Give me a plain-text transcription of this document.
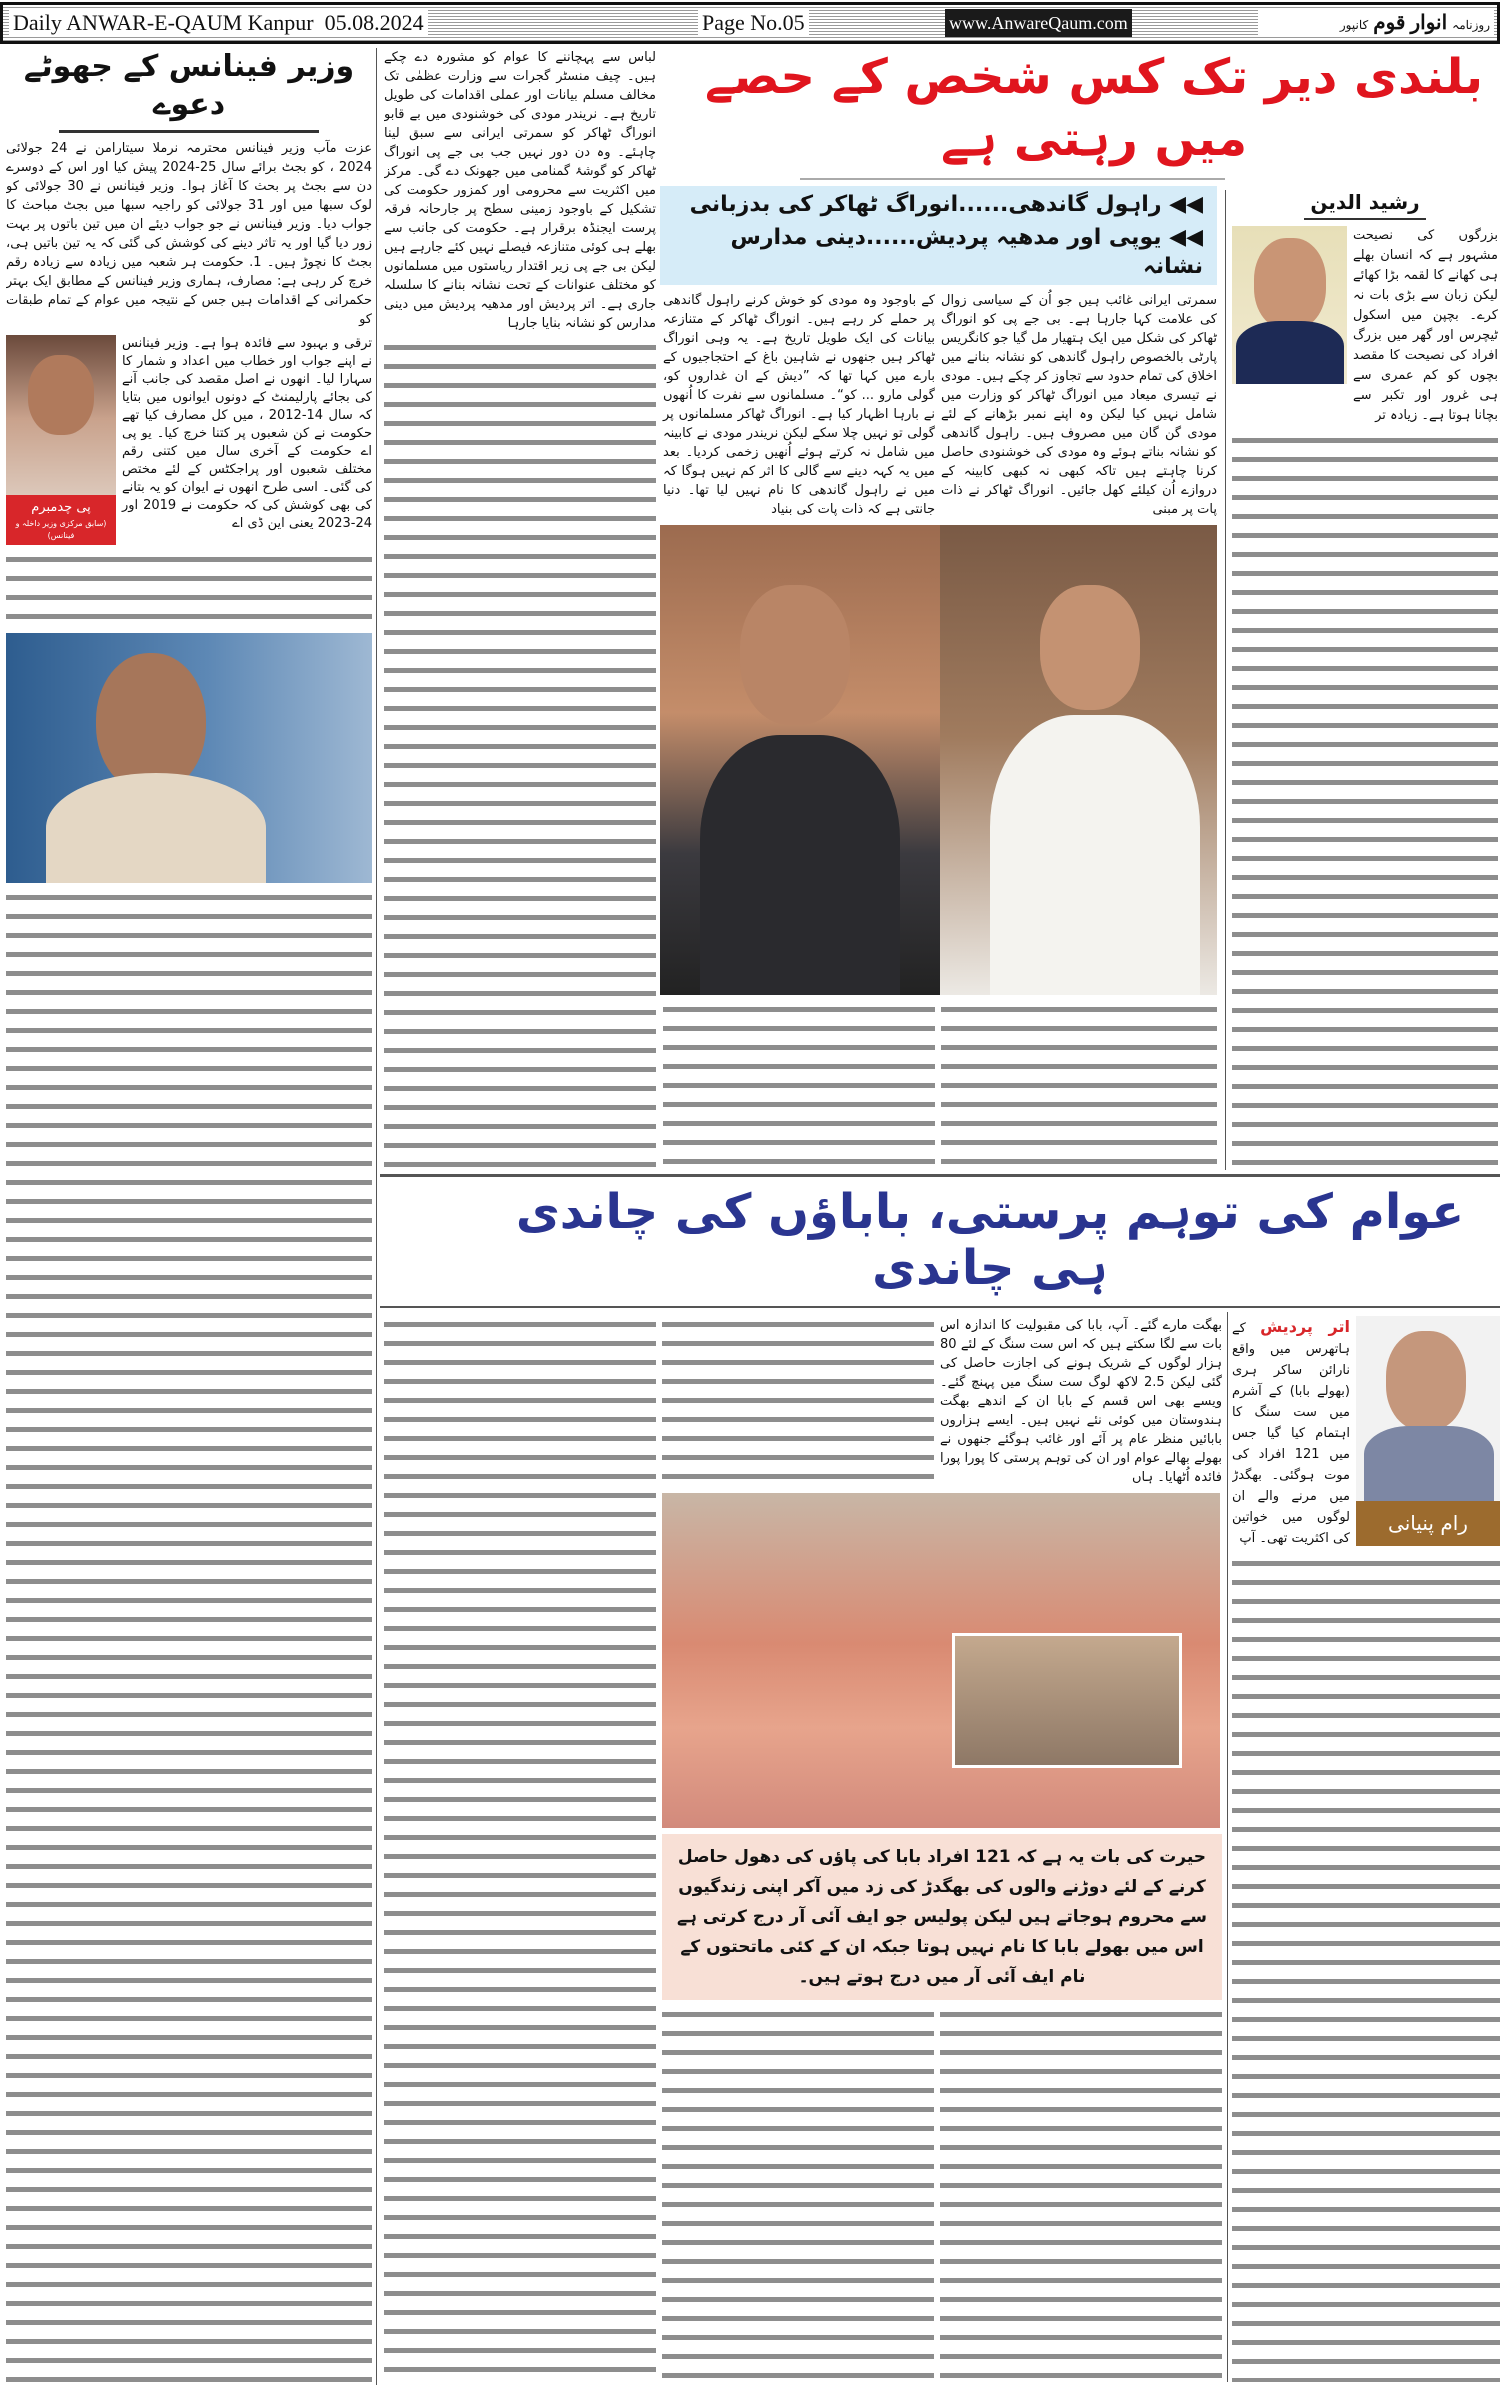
Daily ANWAR-E-QAUM Kanpur 05.08.2024	Page No.05	www.AnwareQaum.com	روزنامہ انوار قوم کانپور
وزیر فینانس کے جھوٹے دعوے
عزت مآب وزیر فینانس محترمہ نرملا سیتارامن نے 24 جولائی 2024 ، کو بجٹ برائے سال 25-2024 پیش کیا اور اس کے دوسرے دن سے بجٹ پر بحث کا آغاز ہوا۔ وزیر فینانس نے 30 جولائی کو لوک سبھا میں اور 31 جولائی کو راجیہ سبھا میں بجٹ مباحث کا جواب دیا۔ وزیر فینانس نے جو جواب دیئے ان میں تین باتوں پر بہت زور دیا گیا اور یہ تاثر دینے کی کوشش کی گئی کہ یہ تین باتیں ہی، بجٹ کا نچوڑ ہیں۔ 1. حکومت ہر شعبہ میں زیادہ سے زیادہ رقم خرچ کر رہی ہے: مصارف، ہماری وزیر فینانس کے مطابق ایک بہتر حکمرانی کے اقدامات ہیں جس کے نتیجہ میں عوام کے تمام طبقات کو
پی چدمبرم
(سابق مرکزی وزیر داخلہ و فینانس)
ترقی و بہبود سے فائدہ ہوا ہے۔ وزیر فینانس نے اپنے جواب اور خطاب میں اعداد و شمار کا سہارا لیا۔ انھوں نے اصل مقصد کی جانب آنے کی بجائے پارلیمنٹ کے دونوں ایوانوں میں بتایا کہ سال 14-2012 ، میں کل مصارف کیا تھے حکومت نے کن شعبوں پر کتنا خرچ کیا۔ یو پی اے حکومت کے آخری سال میں کتنی رقم مختلف شعبوں اور پراجکٹس کے لئے مختص کی گئی۔ اسی طرح انھوں نے ایوان کو یہ بتانے کی بھی کوشش کی کہ حکومت نے 2019 اور 24-2023 یعنی این ڈی اے
بلندی دیر تک کس شخص کے حصے میں رہتی ہے
لباس سے پہچاننے کا عوام کو مشورہ دے چکے ہیں۔ چیف منسٹر گجرات سے وزارت عظمٰی تک مخالف مسلم بیانات اور عملی اقدامات کی طویل تاریخ ہے۔ نریندر مودی کی خوشنودی میں بے قابو انوراگ ٹھاکر کو سمرتی ایرانی سے سبق لینا چاہئے۔ وہ دن دور نہیں جب بی جے پی انوراگ ٹھاکر کو گوشۂ گمنامی میں جھونک دے گی۔ مرکز میں اکثریت سے محرومی اور کمزور حکومت کی تشکیل کے باوجود زمینی سطح پر جارحانہ فرقہ پرست ایجنڈہ برقرار ہے۔ حکومت کی جانب سے بھلے ہی کوئی متنازعہ فیصلے نہیں کئے جارہے ہیں لیکن بی جے پی زیر اقتدار ریاستوں میں مسلمانوں کو مختلف عنوانات کے تحت نشانہ بنانے کا سلسلہ جاری ہے۔ اتر پردیش اور مدھیہ پردیش میں دینی مدارس کو نشانہ بنایا جارہا
◀◀ راہول گاندھی......انوراگ ٹھاکر کی بدزبانی
◀◀ یوپی اور مدھیہ پردیش......دینی مدارس نشانہ
سمرتی ایرانی غائب ہیں جو اُن کے سیاسی زوال کی علامت کہا جارہا ہے۔ بی جے پی کو انوراگ ٹھاکر کی شکل میں ایک ہتھیار مل گیا جو کانگریس پارٹی بالخصوص راہول گاندھی کو نشانہ بنانے میں اخلاق کی تمام حدود سے تجاوز کر چکے ہیں۔ مودی نے تیسری میعاد میں انوراگ ٹھاکر کو وزارت میں شامل نہیں کیا لیکن وہ اپنے نمبر بڑھانے کے لئے مودی گن گان میں مصروف ہیں۔ راہول گاندھی کو نشانہ بناتے ہوئے وہ مودی کی خوشنودی حاصل کرنا چاہتے ہیں تاکہ کبھی نہ کبھی کابینہ کے دروازے اُن کیلئے کھل جائیں۔ انوراگ ٹھاکر نے ذات پات پر مبنی
کے باوجود وہ مودی کو خوش کرنے راہول گاندھی پر حملے کر رہے ہیں۔ انوراگ ٹھاکر کے متنازعہ بیانات کی ایک طویل تاریخ ہے۔ یہ وہی انوراگ ٹھاکر ہیں جنھوں نے شاہین باغ کے احتجاجیوں کے بارے میں کہا تھا کہ ”دیش کے ان غداروں کو، گولی مارو ... کو“۔ مسلمانوں سے نفرت کا اُنھوں نے بارہا اظہار کیا ہے۔ انوراگ ٹھاکر مسلمانوں پر گولی تو نہیں چلا سکے لیکن نریندر مودی نے کابینہ میں شامل نہ کرتے ہوئے اُنھیں زخمی کردیا۔ بعد میں یہ کہہ دینے سے گالی کا اثر کم نہیں ہوگا کہ میں نے راہول گاندھی کا نام نہیں لیا تھا۔ دنیا جانتی ہے کہ ذات پات کی بنیاد
رشید الدین
بزرگوں کی نصیحت مشہور ہے کہ انسان بھلے ہی کھانے کا لقمہ بڑا کھائے لیکن زبان سے بڑی بات نہ کرے۔ بچپن میں اسکول ٹیچرس اور گھر میں بزرگ افراد کی نصیحت کا مقصد بچوں کو کم عمری سے ہی غرور اور تکبر سے بچانا ہوتا ہے۔ زیادہ تر
عوام کی توہم پرستی، باباؤں کی چاندی ہی چاندی
اتر پردیش کے ہاتھرس میں واقع نارائن ساکر ہری (بھولے بابا) کے آشرم میں ست سنگ کا اہتمام کیا گیا جس میں 121 افراد کی موت ہوگئی۔ بھگدڑ میں مرنے والے ان لوگوں میں خواتین کی اکثریت تھی۔ آپ
رام پنیانی
بھگت مارے گئے۔ آپ، بابا کی مقبولیت کا اندازہ اس بات سے لگا سکتے ہیں کہ اس ست سنگ کے لئے 80 ہزار لوگوں کے شریک ہونے کی اجازت حاصل کی گئی لیکن 2.5 لاکھ لوگ ست سنگ میں پہنچ گئے۔ ویسے بھی اس قسم کے بابا ان کے اندھے بھگت ہندوستان میں کوئی نئے نہیں ہیں۔ ایسے ہزاروں بابائیں منظر عام پر آئے اور غائب ہوگئے جنھوں نے بھولے بھالے عوام اور ان کی توہم پرستی کا پورا پورا فائدہ اُٹھایا۔ ہاں
حیرت کی بات یہ ہے کہ 121 افراد بابا کی پاؤں کی دھول حاصل کرنے کے لئے دوڑنے والوں کی بھگدڑ کی زد میں آکر اپنی زندگیوں سے محروم ہوجاتے ہیں لیکن پولیس جو ایف آئی آر درج کرتی ہے اس میں بھولے بابا کا نام نہیں ہوتا جبکہ ان کے کئی ماتحتوں کے نام ایف آئی آر میں درج ہوتے ہیں۔
